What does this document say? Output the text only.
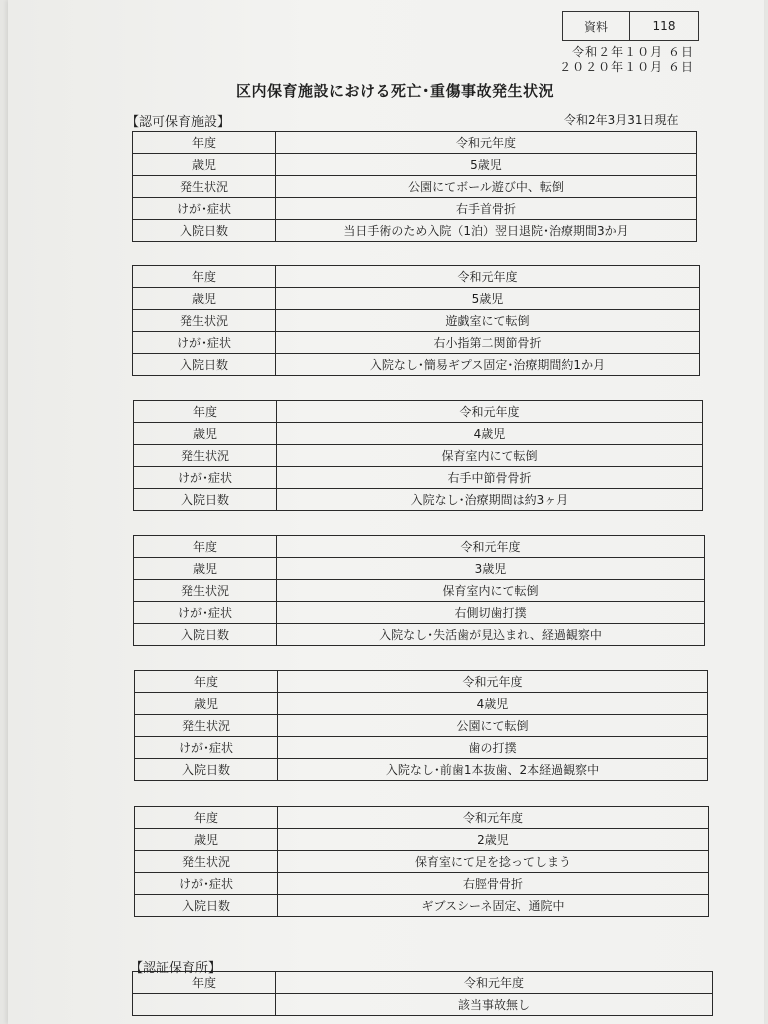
資料	118
令和２年１０月 ６日
２０２０年１０月 ６日
区内保育施設における死亡･重傷事故発生状況
【認可保育施設】	令和2年3月31日現在
年度	令和元年度
歳児	5歳児
発生状況	公園にてボール遊び中、転倒
けが･症状	右手首骨折
入院日数	当日手術のため入院（1泊）翌日退院･治療期間3か月
年度	令和元年度
歳児	5歳児
発生状況	遊戯室にて転倒
けが･症状	右小指第二関節骨折
入院日数	入院なし･簡易ギプス固定･治療期間約1か月
年度	令和元年度
歳児	4歳児
発生状況	保育室内にて転倒
けが･症状	右手中節骨骨折
入院日数	入院なし･治療期間は約3ヶ月
年度	令和元年度
歳児	3歳児
発生状況	保育室内にて転倒
けが･症状	右側切歯打撲
入院日数	入院なし･失活歯が見込まれ、経過観察中
年度	令和元年度
歳児	4歳児
発生状況	公園にて転倒
けが･症状	歯の打撲
入院日数	入院なし･前歯1本抜歯、2本経過観察中
年度	令和元年度
歳児	2歳児
発生状況	保育室にて足を捻ってしまう
けが･症状	右脛骨骨折
入院日数	ギブスシーネ固定、通院中
年度	令和元年度
	該当事故無し
【認証保育所】
